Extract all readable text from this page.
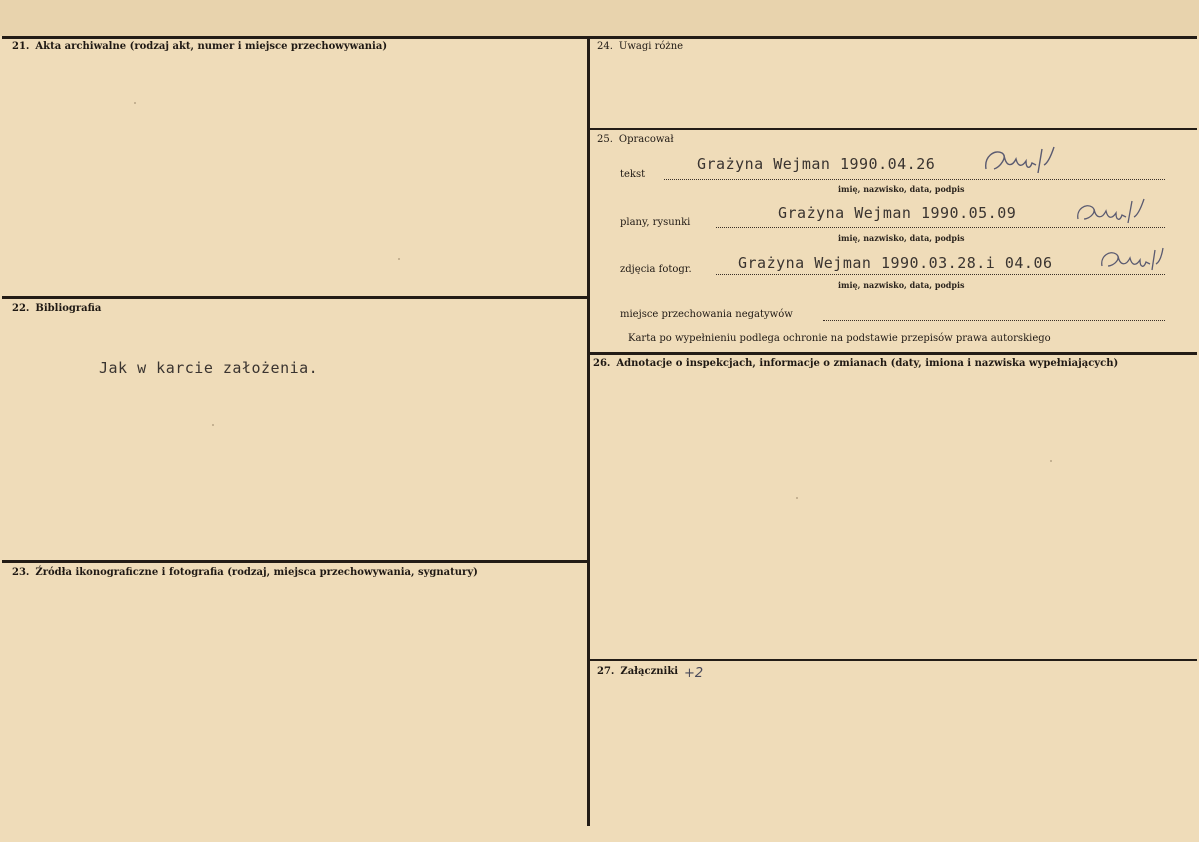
21. Akta archiwalne (rodzaj akt, numer i miejsce przechowywania)
22. Bibliografia
Jak w karcie założenia.
23. Źródła ikonograficzne i fotografia (rodzaj, miejsca przechowywania, sygnatury)
24. Uwagi różne
25. Opracował
tekst
Grażyna Wejman 1990.04.26
imię, nazwisko, data, podpis
plany, rysunki
Grażyna Wejman 1990.05.09
imię, nazwisko, data, podpis
zdjęcia fotogr.	Grażyna Wejman 1990.03.28.i 04.06
imię, nazwisko, data, podpis
miejsce przechowania negatywów
Karta po wypełnieniu podlega ochronie na podstawie przepisów prawa autorskiego
26. Adnotacje o inspekcjach, informacje o zmianach (daty, imiona i nazwiska wypełniających)
27. Załączniki +2
